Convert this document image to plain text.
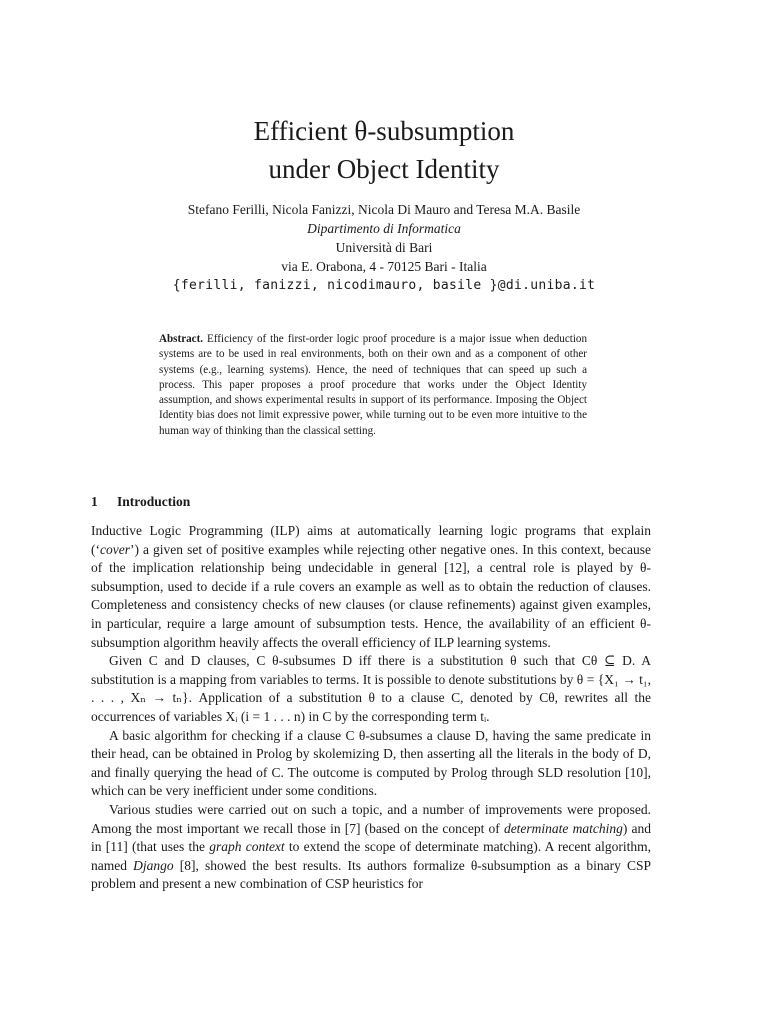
Efficient θ-subsumption
under Object Identity
Stefano Ferilli, Nicola Fanizzi, Nicola Di Mauro and Teresa M.A. Basile
Dipartimento di Informatica
Università di Bari
via E. Orabona, 4 - 70125 Bari - Italia
{ferilli, fanizzi, nicodimauro, basile }@di.uniba.it
Abstract. Efficiency of the first-order logic proof procedure is a major issue when deduction systems are to be used in real environments, both on their own and as a component of other systems (e.g., learning systems). Hence, the need of techniques that can speed up such a process. This paper proposes a proof procedure that works under the Object Identity assumption, and shows experimental results in support of its performance. Imposing the Object Identity bias does not limit expressive power, while turning out to be even more intuitive to the human way of thinking than the classical setting.
1 Introduction

Inductive Logic Programming (ILP) aims at automatically learning logic programs that explain (‘cover’) a given set of positive examples while rejecting other negative ones. In this context, because of the implication relationship being undecidable in general [12], a central role is played by θ-subsumption, used to decide if a rule covers an example as well as to obtain the reduction of clauses. Completeness and consistency checks of new clauses (or clause refinements) against given examples, in particular, require a large amount of subsumption tests. Hence, the availability of an efficient θ-subsumption algorithm heavily affects the overall efficiency of ILP learning systems.

Given C and D clauses, C θ-subsumes D iff there is a substitution θ such that Cθ ⊆ D. A substitution is a mapping from variables to terms. It is possible to denote substitutions by θ = {X₁ → t₁, . . . , Xₙ → tₙ}. Application of a substitution θ to a clause C, denoted by Cθ, rewrites all the occurrences of variables Xᵢ (i = 1 . . . n) in C by the corresponding term tᵢ.

A basic algorithm for checking if a clause C θ-subsumes a clause D, having the same predicate in their head, can be obtained in Prolog by skolemizing D, then asserting all the literals in the body of D, and finally querying the head of C. The outcome is computed by Prolog through SLD resolution [10], which can be very inefficient under some conditions.

Various studies were carried out on such a topic, and a number of improvements were proposed. Among the most important we recall those in [7] (based on the concept of determinate matching) and in [11] (that uses the graph context to extend the scope of determinate matching). A recent algorithm, named Django [8], showed the best results. Its authors formalize θ-subsumption as a binary CSP problem and present a new combination of CSP heuristics for
